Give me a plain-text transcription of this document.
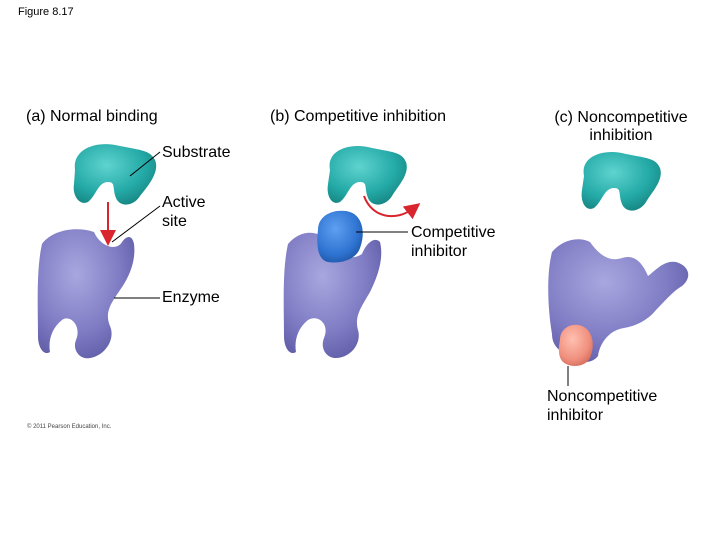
Figure 8.17
(a) Normal binding	(b) Competitive inhibition	(c) Noncompetitive inhibition
Substrate
Active site
Enzyme
Competitive inhibitor
Noncompetitive inhibitor
© 2011 Pearson Education, Inc.
